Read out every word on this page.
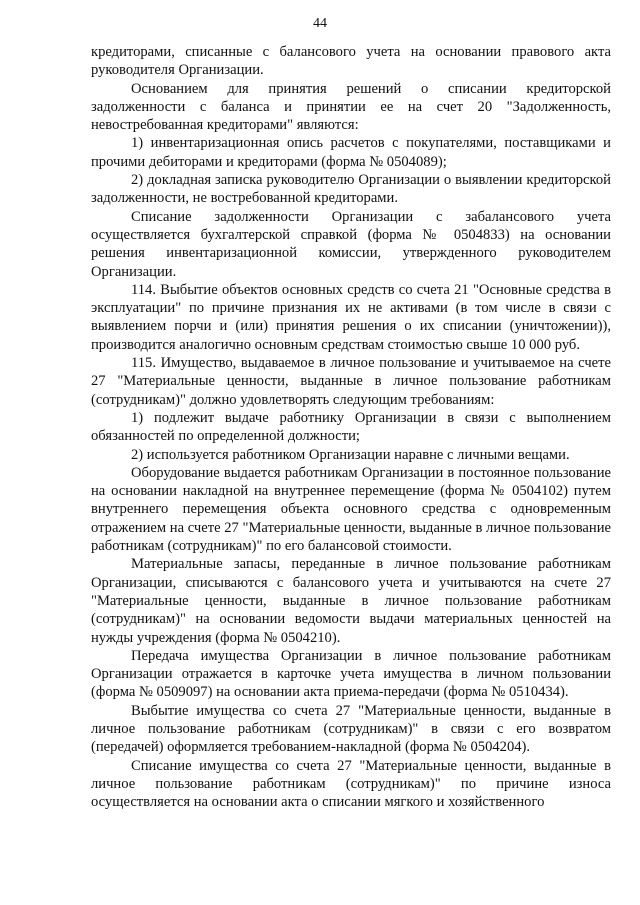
44

кредиторами, списанные с балансового учета на основании правового акта руководителя Организации.

Основанием для принятия решений о списании кредиторской задолженности с баланса и принятии ее на счет 20 "Задолженность, невостребованная кредиторами" являются:

1) инвентаризационная опись расчетов с покупателями, поставщиками и прочими дебиторами и кредиторами (форма № 0504089);

2) докладная записка руководителю Организации о выявлении кредиторской задолженности, не востребованной кредиторами.

Списание задолженности Организации с забалансового учета осуществляется бухгалтерской справкой (форма № 0504833) на основании решения инвентаризационной комиссии, утвержденного руководителем Организации.

114. Выбытие объектов основных средств со счета 21 "Основные средства в эксплуатации" по причине признания их не активами (в том числе в связи с выявлением порчи и (или) принятия решения о их списании (уничтожении)), производится аналогично основным средствам стоимостью свыше 10 000 руб.

115. Имущество, выдаваемое в личное пользование и учитываемое на счете 27 "Материальные ценности, выданные в личное пользование работникам (сотрудникам)" должно удовлетворять следующим требованиям:

1) подлежит выдаче работнику Организации в связи с выполнением обязанностей по определенной должности;

2) используется работником Организации наравне с личными вещами.

Оборудование выдается работникам Организации в постоянное пользование на основании накладной на внутреннее перемещение (форма № 0504102) путем внутреннего перемещения объекта основного средства с одновременным отражением на счете 27 "Материальные ценности, выданные в личное пользование работникам (сотрудникам)" по его балансовой стоимости.

Материальные запасы, переданные в личное пользование работникам Организации, списываются с балансового учета и учитываются на счете 27 "Материальные ценности, выданные в личное пользование работникам (сотрудникам)" на основании ведомости выдачи материальных ценностей на нужды учреждения (форма № 0504210).

Передача имущества Организации в личное пользование работникам Организации отражается в карточке учета имущества в личном пользовании (форма № 0509097) на основании акта приема-передачи (форма № 0510434).

Выбытие имущества со счета 27 "Материальные ценности, выданные в личное пользование работникам (сотрудникам)" в связи с его возвратом (передачей) оформляется требованием-накладной (форма № 0504204).

Списание имущества со счета 27 "Материальные ценности, выданные в личное пользование работникам (сотрудникам)" по причине износа осуществляется на основании акта о списании мягкого и хозяйственного
